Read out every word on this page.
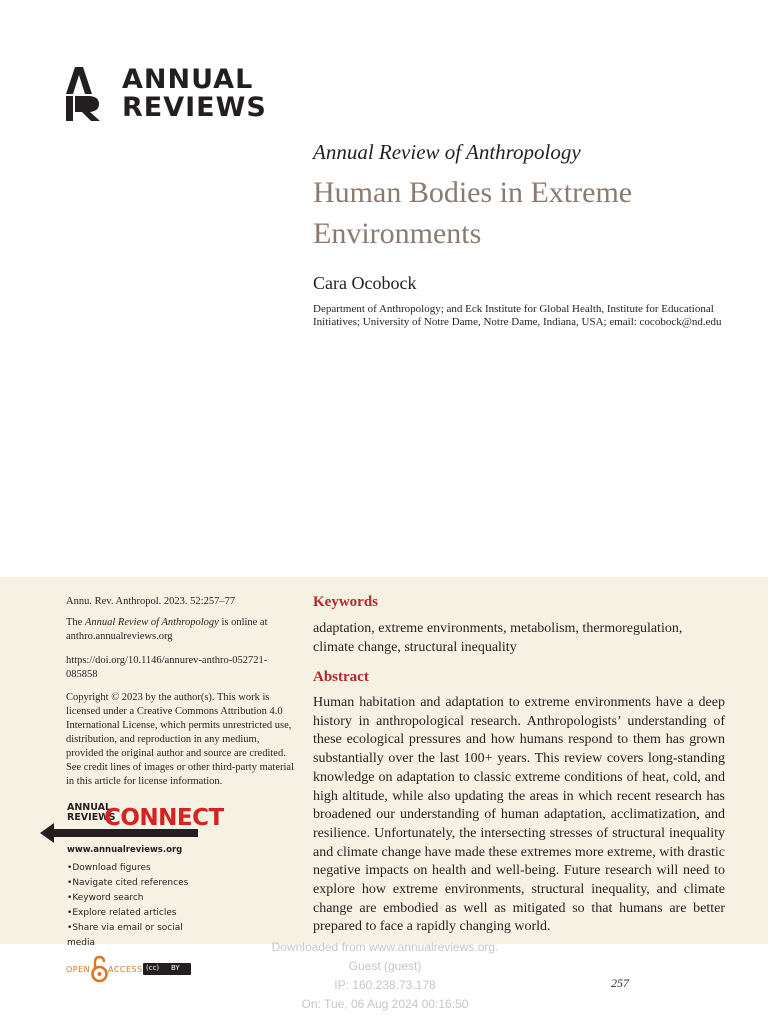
ANNUAL
REVIEWS
Annual Review of Anthropology
Human Bodies in Extreme Environments
Cara Ocobock
Department of Anthropology; and Eck Institute for Global Health, Institute for Educational Initiatives; University of Notre Dame, Notre Dame, Indiana, USA; email: cocobock@nd.edu
Annu. Rev. Anthropol. 2023. 52:257–77
The Annual Review of Anthropology is online at anthro.annualreviews.org
https://doi.org/10.1146/annurev-anthro-052721-085858
Copyright © 2023 by the author(s). This work is licensed under a Creative Commons Attribution 4.0 International License, which permits unrestricted use, distribution, and reproduction in any medium, provided the original author and source are credited. See credit lines of images or other third-party material in this article for license information.
ANNUAL
REVIEWS
CONNECT
www.annualreviews.org
• Download figures
• Navigate cited references
• Keyword search
• Explore related articles
• Share via email or social media
Keywords
adaptation, extreme environments, metabolism, thermoregulation, climate change, structural inequality
Abstract
Human habitation and adaptation to extreme environments have a deep history in anthropological research. Anthropologists’ understanding of these ecological pressures and how humans respond to them has grown substantially over the last 100+ years. This review covers long-standing knowledge on adaptation to classic extreme conditions of heat, cold, and high altitude, while also updating the areas in which recent research has broadened our understanding of human adaptation, acclimatization, and resilience. Unfortunately, the intersecting stresses of structural inequality and climate change have made these extremes more extreme, with drastic negative impacts on health and well-being. Future research will need to explore how extreme environments, structural inequality, and climate change are embodied as well as mitigated so that humans are better prepared to face a rapidly changing world.
OPEN ACCESS (cc) BY
257
Downloaded from www.annualreviews.org.
Guest (guest)
IP: 160.238.73.178
On: Tue, 06 Aug 2024 00:16:50
